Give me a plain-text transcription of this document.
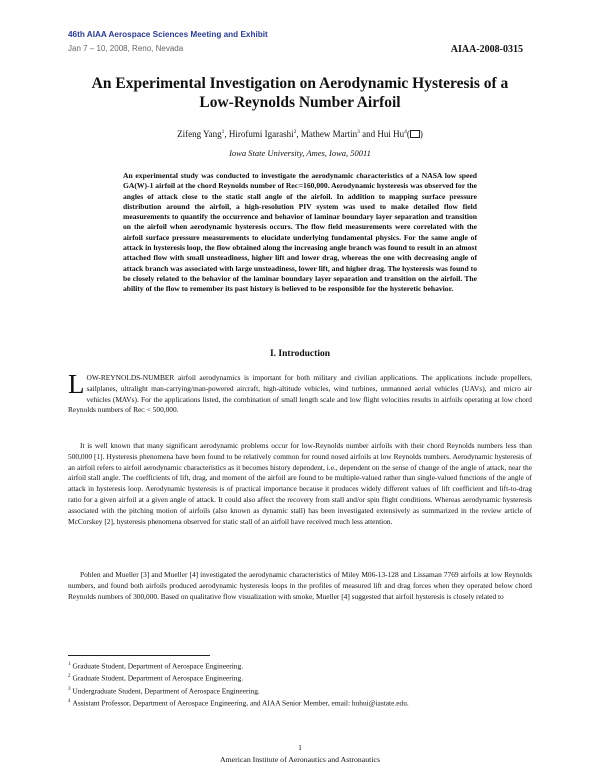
46th AIAA Aerospace Sciences Meeting and Exhibit
Jan 7 – 10, 2008, Reno, Nevada	AIAA-2008-0315
An Experimental Investigation on Aerodynamic Hysteresis of a
Low-Reynolds Number Airfoil
Zifeng Yang$^1$, Hirofumi Igarashi$^2$, Mathew Martin$^3$ and Hui Hu$^4$( )
Iowa State University, Ames, Iowa, 50011
An experimental study was conducted to investigate the aerodynamic characteristics of a NASA low speed GA(W)-1 airfoil at the chord Reynolds number of Reᴄ=160,000. Aerodynamic hysteresis was observed for the angles of attack close to the static stall angle of the airfoil. In addition to mapping surface pressure distribution around the airfoil, a high-resolution PIV system was used to make detailed flow field measurements to quantify the occurrence and behavior of laminar boundary layer separation and transition on the airfoil when aerodynamic hysteresis occurs. The flow field measurements were correlated with the airfoil surface pressure measurements to elucidate underlying fundamental physics. For the same angle of attack in hysteresis loop, the flow obtained along the increasing angle branch was found to result in an almost attached flow with small unsteadiness, higher lift and lower drag, whereas the one with decreasing angle of attack branch was associated with large unsteadiness, lower lift, and higher drag. The hysteresis was found to be closely related to the behavior of the laminar boundary layer separation and transition on the airfoil. The ability of the flow to remember its past history is believed to be responsible for the hysteretic behavior.
I. Introduction
LOW-REYNOLDS-NUMBER airfoil aerodynamics is important for both military and civilian applications. The applications include propellers, sailplanes, ultralight man-carrying/man-powered aircraft, high-altitude vehicles, wind turbines, unmanned aerial vehicles (UAVs), and micro air vehicles (MAVs). For the applications listed, the combination of small length scale and low flight velocities results in airfoils operating at low chord Reynolds numbers of Reᴄ < 500,000.
It is well known that many significant aerodynamic problems occur for low-Reynolds number airfoils with their chord Reynolds numbers less than 500,000 [1]. Hysteresis phenomena have been found to be relatively common for round nosed airfoils at low Reynolds numbers. Aerodynamic hysteresis of an airfoil refers to airfoil aerodynamic characteristics as it becomes history dependent, i.e., dependent on the sense of change of the angle of attack, near the airfoil stall angle. The coefficients of lift, drag, and moment of the airfoil are found to be multiple-valued rather than single-valued functions of the angle of attack in hysteresis loop. Aerodynamic hysteresis is of practical importance because it produces widely different values of lift coefficient and lift-to-drag ratio for a given airfoil at a given angle of attack. It could also affect the recovery from stall and/or spin flight conditions. Whereas aerodynamic hysteresis associated with the pitching motion of airfoils (also known as dynamic stall) has been investigated extensively as summarized in the review article of McCorskey [2], hysteresis phenomena observed for static stall of an airfoil have received much less attention.
Pohlen and Mueller [3] and Mueller [4] investigated the aerodynamic characteristics of Miley M06-13-128 and Lissaman 7769 airfoils at low Reynolds numbers, and found both airfoils produced aerodynamic hysteresis loops in the profiles of measured lift and drag forces when they operated below chord Reynolds numbers of 300,000. Based on qualitative flow visualization with smoke, Mueller [4] suggested that airfoil hysteresis is closely related to
$^1$ Graduate Student, Department of Aerospace Engineering.
$^2$ Graduate Student, Department of Aerospace Engineering.
$^3$ Undergraduate Student, Department of Aerospace Engineering.
$^4$ Assistant Professor, Department of Aerospace Engineering, and AIAA Senior Member, email: huhui@iastate.edu.
1
American Institute of Aeronautics and Astronautics
